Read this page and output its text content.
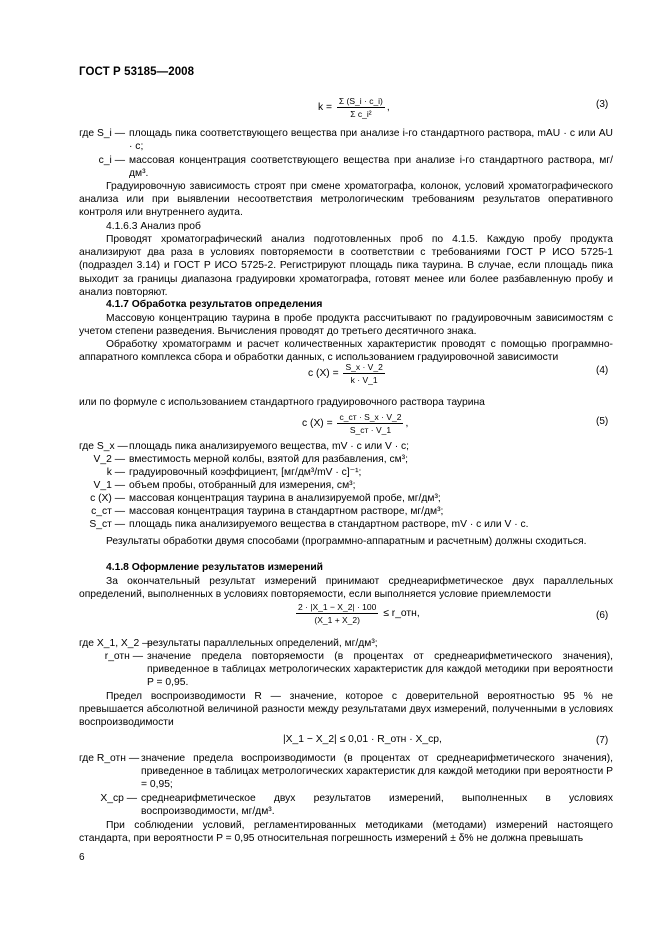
ГОСТ Р 53185—2008
$k = \frac{\Sigma (S\_i \cdot c\_i)}{\text{Σ c\_i²}}$ ,	(3)
где S_i — площадь пика соответствующего вещества при анализе i-го стандартного раствора, mAU · c или AU · c;
c_i — массовая концентрация соответствующего вещества при анализе i-го стандартного раствора, мг/дм³.
Градуировочную зависимость строят при смене хроматографа, колонок, условий хроматографического анализа или при выявлении несоответствия метрологическим требованиям результатов оперативного контроля или внутреннего аудита.
4.1.6.3 Анализ проб
Проводят хроматографический анализ подготовленных проб по 4.1.5. Каждую пробу продукта анализируют два раза в условиях повторяемости в соответствии с требованиями ГОСТ Р ИСО 5725-1 (подраздел 3.14) и ГОСТ Р ИСО 5725-2. Регистрируют площадь пика таурина. В случае, если площадь пика выходит за границы диапазона градуировки хроматографа, готовят менее или более разбавленную пробу и анализ повторяют.
4.1.7 Обработка результатов определения
Массовую концентрацию таурина в пробе продукта рассчитывают по градуировочным зависимостям с учетом степени разведения. Вычисления проводят до третьего десятичного знака.
Обработку хроматограмм и расчет количественных характеристик проводят с помощью программно-аппаратного комплекса сбора и обработки данных, с использованием градуировочной зависимости
c $(X) = \frac{S\_x \cdot V\_2}{k \cdot V\_1}$	(4)
или по формуле с использованием стандартного градуировочного раствора таурина
c $(X) = \frac{c\_ст \cdot S\_x \cdot V\_2}{S\_ст \cdot V\_1}$ ,	(5)
где S_x — площадь пика анализируемого вещества, mV · c или V · c;
V_2 — вместимость мерной колбы, взятой для разбавления, см³;
k — градуировочный коэффициент, [мг/дм³/mV · c]⁻¹;
V_1 — объем пробы, отобранный для измерения, см³;
c (X) — массовая концентрация таурина в анализируемой пробе, мг/дм³;
c_ст — массовая концентрация таурина в стандартном растворе, мг/дм³;
S_ст — площадь пика анализируемого вещества в стандартном растворе, mV · c или V · c.
Результаты обработки двумя способами (программно-аппаратным и расчетным) должны сходиться.
4.1.8 Оформление результатов измерений
За окончательный результат измерений принимают среднеарифметическое двух параллельных определений, выполненных в условиях повторяемости, если выполняется условие приемлемости
$\frac{2 \cdot |X\_1 - X\_2| \cdot 100}{(X\_1 + X\_2)}$ ≤ r_отн,	(6)
где X_1, X_2 —
результаты параллельных определений, мг/дм³;
r_отн — значение предела повторяемости (в процентах от среднеарифметического значения), приведенное в таблицах метрологических характеристик для каждой методики при вероятности P = 0,95.
Предел воспроизводимости R — значение, которое с доверительной вероятностью 95 % не превышается абсолютной величиной разности между результатами двух измерений, полученными в условиях воспроизводимости
|X_1 − X_2| ≤ 0,01 · R_отн · X_ср,	(7)
где R_отн — значение предела воспроизводимости (в процентах от среднеарифметического значения), приведенное в таблицах метрологических характеристик для каждой методики при вероятности P = 0,95;
X_ср — среднеарифметическое двух результатов измерений, выполненных в условиях воспроизводимости, мг/дм³.
При соблюдении условий, регламентированных методиками (методами) измерений настоящего стандарта, при вероятности P = 0,95 относительная погрешность измерений ± δ% не должна превышать
6
